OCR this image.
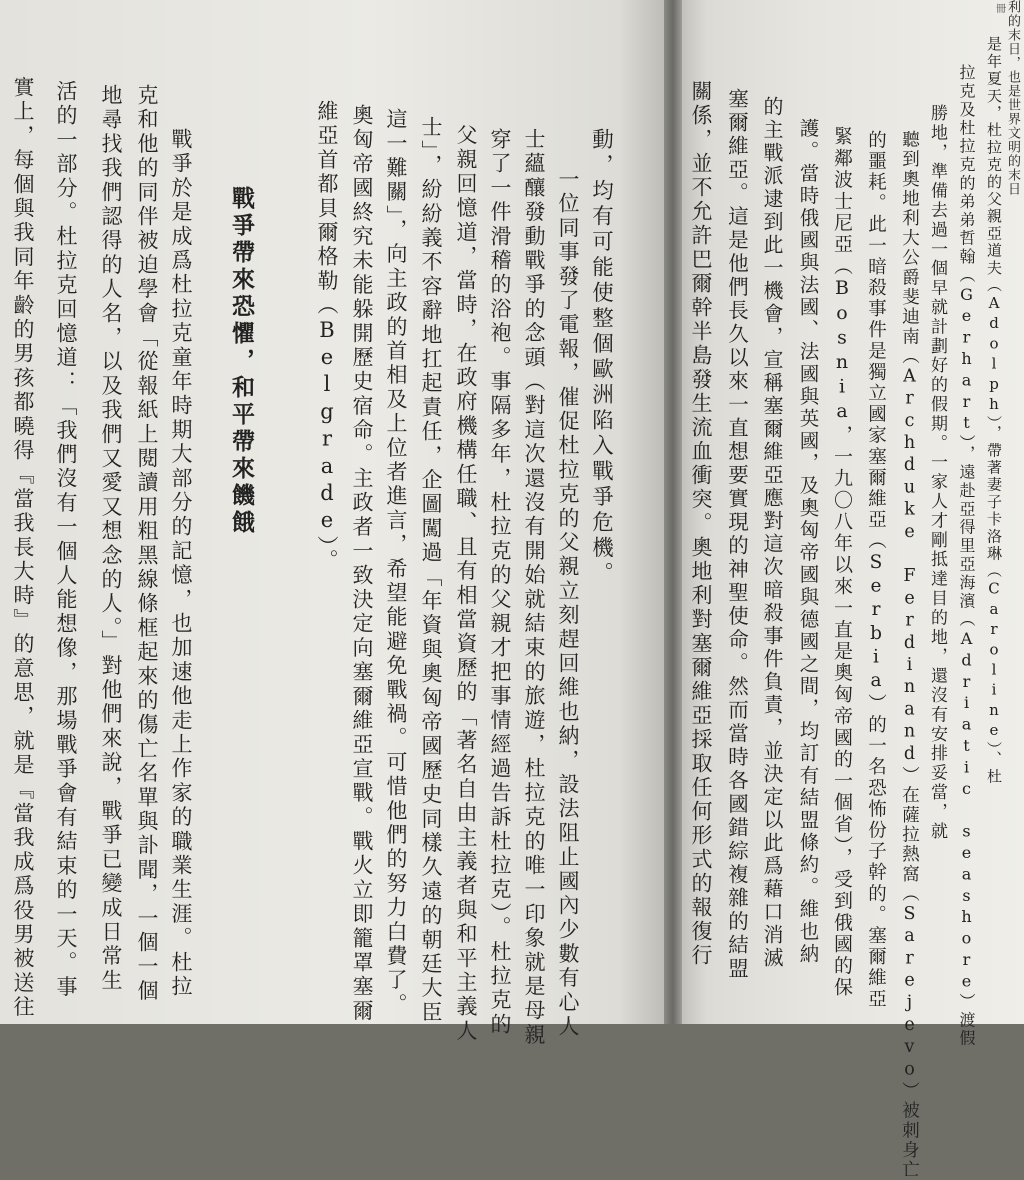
動，均有可能使整個歐洲陷入戰爭危機。
一位同事發了電報，催促杜拉克的父親立刻趕回維也納，設法阻止國內少數有心人
士蘊釀發動戰爭的念頭（對這次還沒有開始就結束的旅遊，杜拉克的唯一印象就是母親
穿了一件滑稽的浴袍。事隔多年，杜拉克的父親才把事情經過告訴杜拉克）。杜拉克的
父親回憶道，當時，在政府機構任職、且有相當資歷的「著名自由主義者與和平主義人
士」，紛紛義不容辭地扛起責任，企圖闖過「年資與奧匈帝國歷史同樣久遠的朝廷大臣
這一難關」，向主政的首相及上位者進言，希望能避免戰禍。可惜他們的努力白費了。
奧匈帝國終究未能躲開歷史宿命。主政者一致決定向塞爾維亞宣戰。戰火立即籠罩塞爾
維亞首都貝爾格勒（Belgrade）。
戰爭帶來恐懼，和平帶來饑餓
戰爭於是成爲杜拉克童年時期大部分的記憶，也加速他走上作家的職業生涯。杜拉
克和他的同伴被迫學會「從報紙上閱讀用粗黑線條框起來的傷亡名單與訃聞，一個一個
地尋找我們認得的人名，以及我們又愛又想念的人。」對他們來說，戰爭已變成日常生
活的一部分。杜拉克回憶道：「我們沒有一個人能想像，那場戰爭會有結束的一天。事
實上，每個與我同年齡的男孩都曉得『當我長大時』的意思，就是『當我成爲役男被送往
冊 利的末日，也是世界文明的末日
是年夏天，杜拉克的父親亞道夫（Adolph），帶著妻子卡洛琳（Caroline）、杜
拉克及杜拉克的弟弟哲翰（Gerhart），遠赴亞得里亞海濱（Adriatic seashore）渡假
勝地，準備去過一個早就計劃好的假期。一家人才剛抵達目的地，還沒有安排妥當，就
聽到奧地利大公爵斐迪南（Archduke Ferdinand）在薩拉熱窩（Sarejevo）被刺身亡
的噩耗。此一暗殺事件是獨立國家塞爾維亞（Serbia）的一名恐怖份子幹的。塞爾維亞
緊鄰波士尼亞（Bosnia，一九〇八年以來一直是奧匈帝國的一個省），受到俄國的保
護。當時俄國與法國、法國與英國，及奧匈帝國與德國之間，均訂有結盟條約。維也納
的主戰派逮到此一機會，宣稱塞爾維亞應對這次暗殺事件負責，並決定以此爲藉口消滅
塞爾維亞。這是他們長久以來一直想要實現的神聖使命。然而當時各國錯綜複雜的結盟
關係，並不允許巴爾幹半島發生流血衝突。奧地利對塞爾維亞採取任何形式的報復行
